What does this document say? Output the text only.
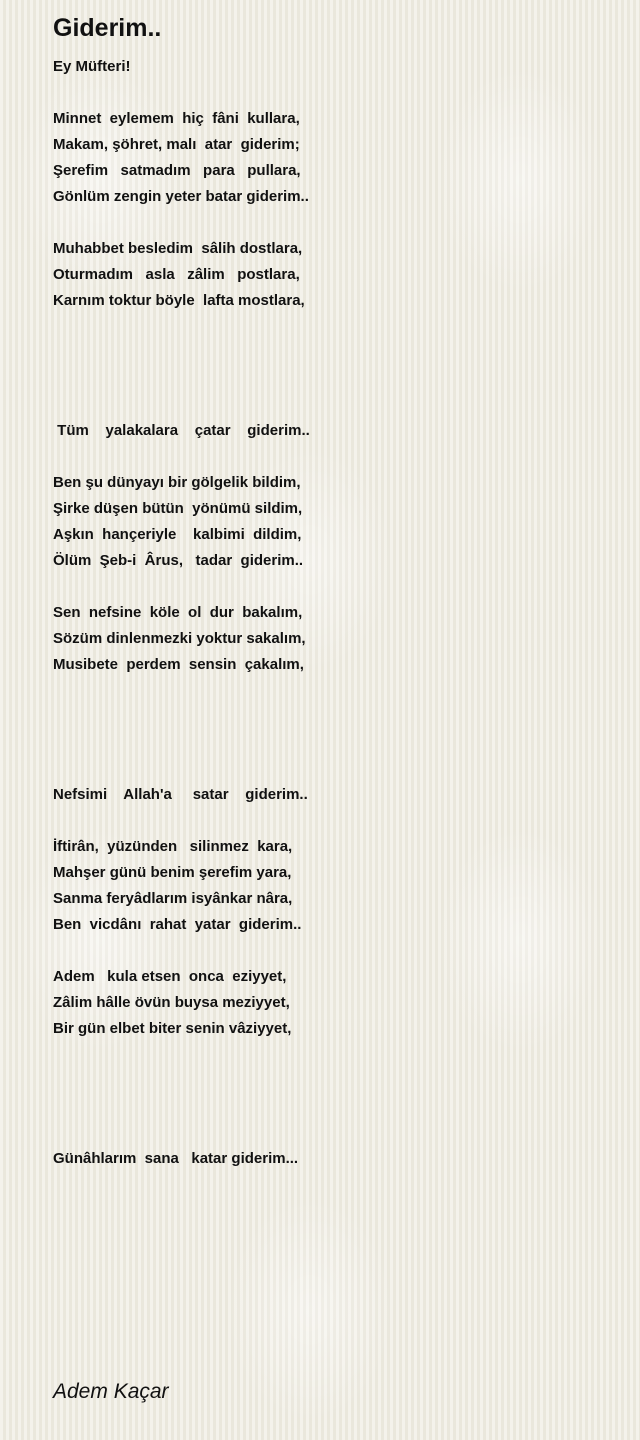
Giderim..
Ey Müfteri!
Minnet  eylemem  hiç  fâni  kullara,
Makam, şöhret, malı  atar  giderim;
Şerefim   satmadım   para   pullara,
Gönlüm zengin yeter batar giderim..
Muhabbet besledim  sâlih dostlara,
Oturmadım   asla   zâlim   postlara,
Karnım toktur böyle  lafta mostlara,
Tüm    yalakalara    çatar    giderim..
Ben şu dünyayı bir gölgelik bildim,
Şirke düşen bütün  yönümü sildim,
Aşkın  hançeriyle    kalbimi  dildim,
Ölüm  Şeb-i  Ârus,   tadar  giderim..
Sen  nefsine  köle  ol  dur  bakalım,
Sözüm dinlenmezki yoktur sakalım,
Musibete  perdem  sensin  çakalım,
Nefsimi    Allah'a     satar    giderim..
İftirân,  yüzünden   silinmez  kara,
Mahşer günü benim şerefim yara,
Sanma feryâdlarım isyânkar nâra,
Ben  vicdânı  rahat  yatar  giderim..
Adem   kula etsen  onca  eziyyet,
Zâlim hâlle övün buysa meziyyet,
Bir gün elbet biter senin vâziyyet,
Günâhlarım  sana   katar giderim...
Adem Kaçar
